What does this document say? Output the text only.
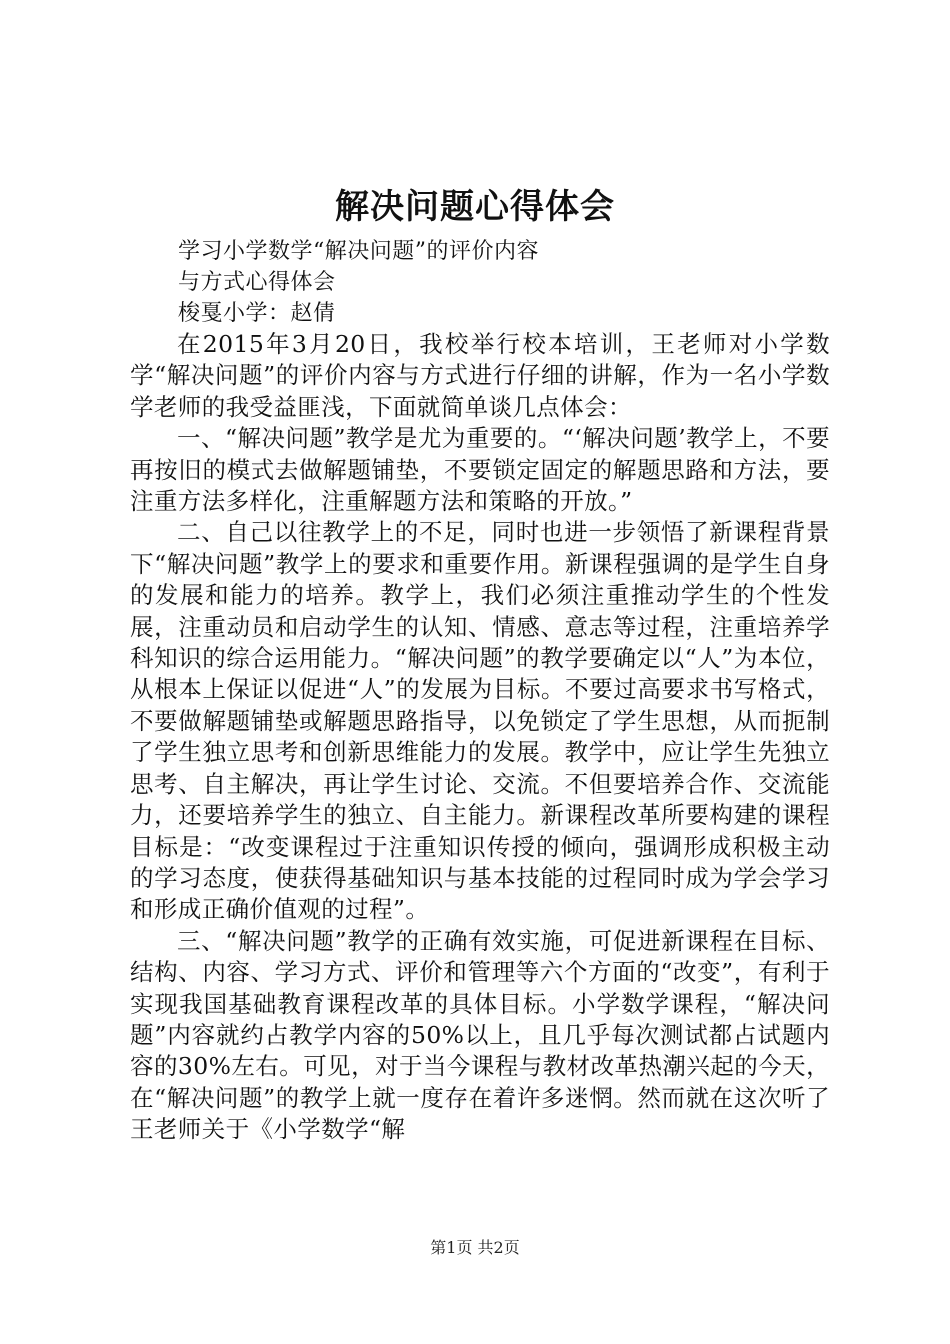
解决问题心得体会
学习小学数学“解决问题”的评价内容
与方式心得体会
梭戛小学：赵倩

在2015年3月20日，我校举行校本培训，王老师对小学数学“解决问题”的评价内容与方式进行仔细的讲解，作为一名小学数学老师的我受益匪浅，下面就简单谈几点体会：

一、“解决问题”教学是尤为重要的。“‘解决问题’教学上，不要再按旧的模式去做解题铺垫，不要锁定固定的解题思路和方法，要注重方法多样化，注重解题方法和策略的开放。”

二、自己以往教学上的不足，同时也进一步领悟了新课程背景下“解决问题”教学上的要求和重要作用。新课程强调的是学生自身的发展和能力的培养。教学上，我们必须注重推动学生的个性发展，注重动员和启动学生的认知、情感、意志等过程，注重培养学科知识的综合运用能力。“解决问题”的教学要确定以“人”为本位，从根本上保证以促进“人”的发展为目标。不要过高要求书写格式，不要做解题铺垫或解题思路指导，以免锁定了学生思想，从而扼制了学生独立思考和创新思维能力的发展。教学中，应让学生先独立思考、自主解决，再让学生讨论、交流。不但要培养合作、交流能力，还要培养学生的独立、自主能力。新课程改革所要构建的课程目标是：“改变课程过于注重知识传授的倾向，强调形成积极主动的学习态度，使获得基础知识与基本技能的过程同时成为学会学习和形成正确价值观的过程”。

三、“解决问题”教学的正确有效实施，可促进新课程在目标、结构、内容、学习方式、评价和管理等六个方面的“改变”，有利于实现我国基础教育课程改革的具体目标。小学数学课程，“解决问题”内容就约占教学内容的50%以上，且几乎每次测试都占试题内容的30%左右。可见，对于当今课程与教材改革热潮兴起的今天，在“解决问题”的教学上就一度存在着许多迷惘。然而就在这次听了王老师关于《小学数学“解

第1页 共2页
